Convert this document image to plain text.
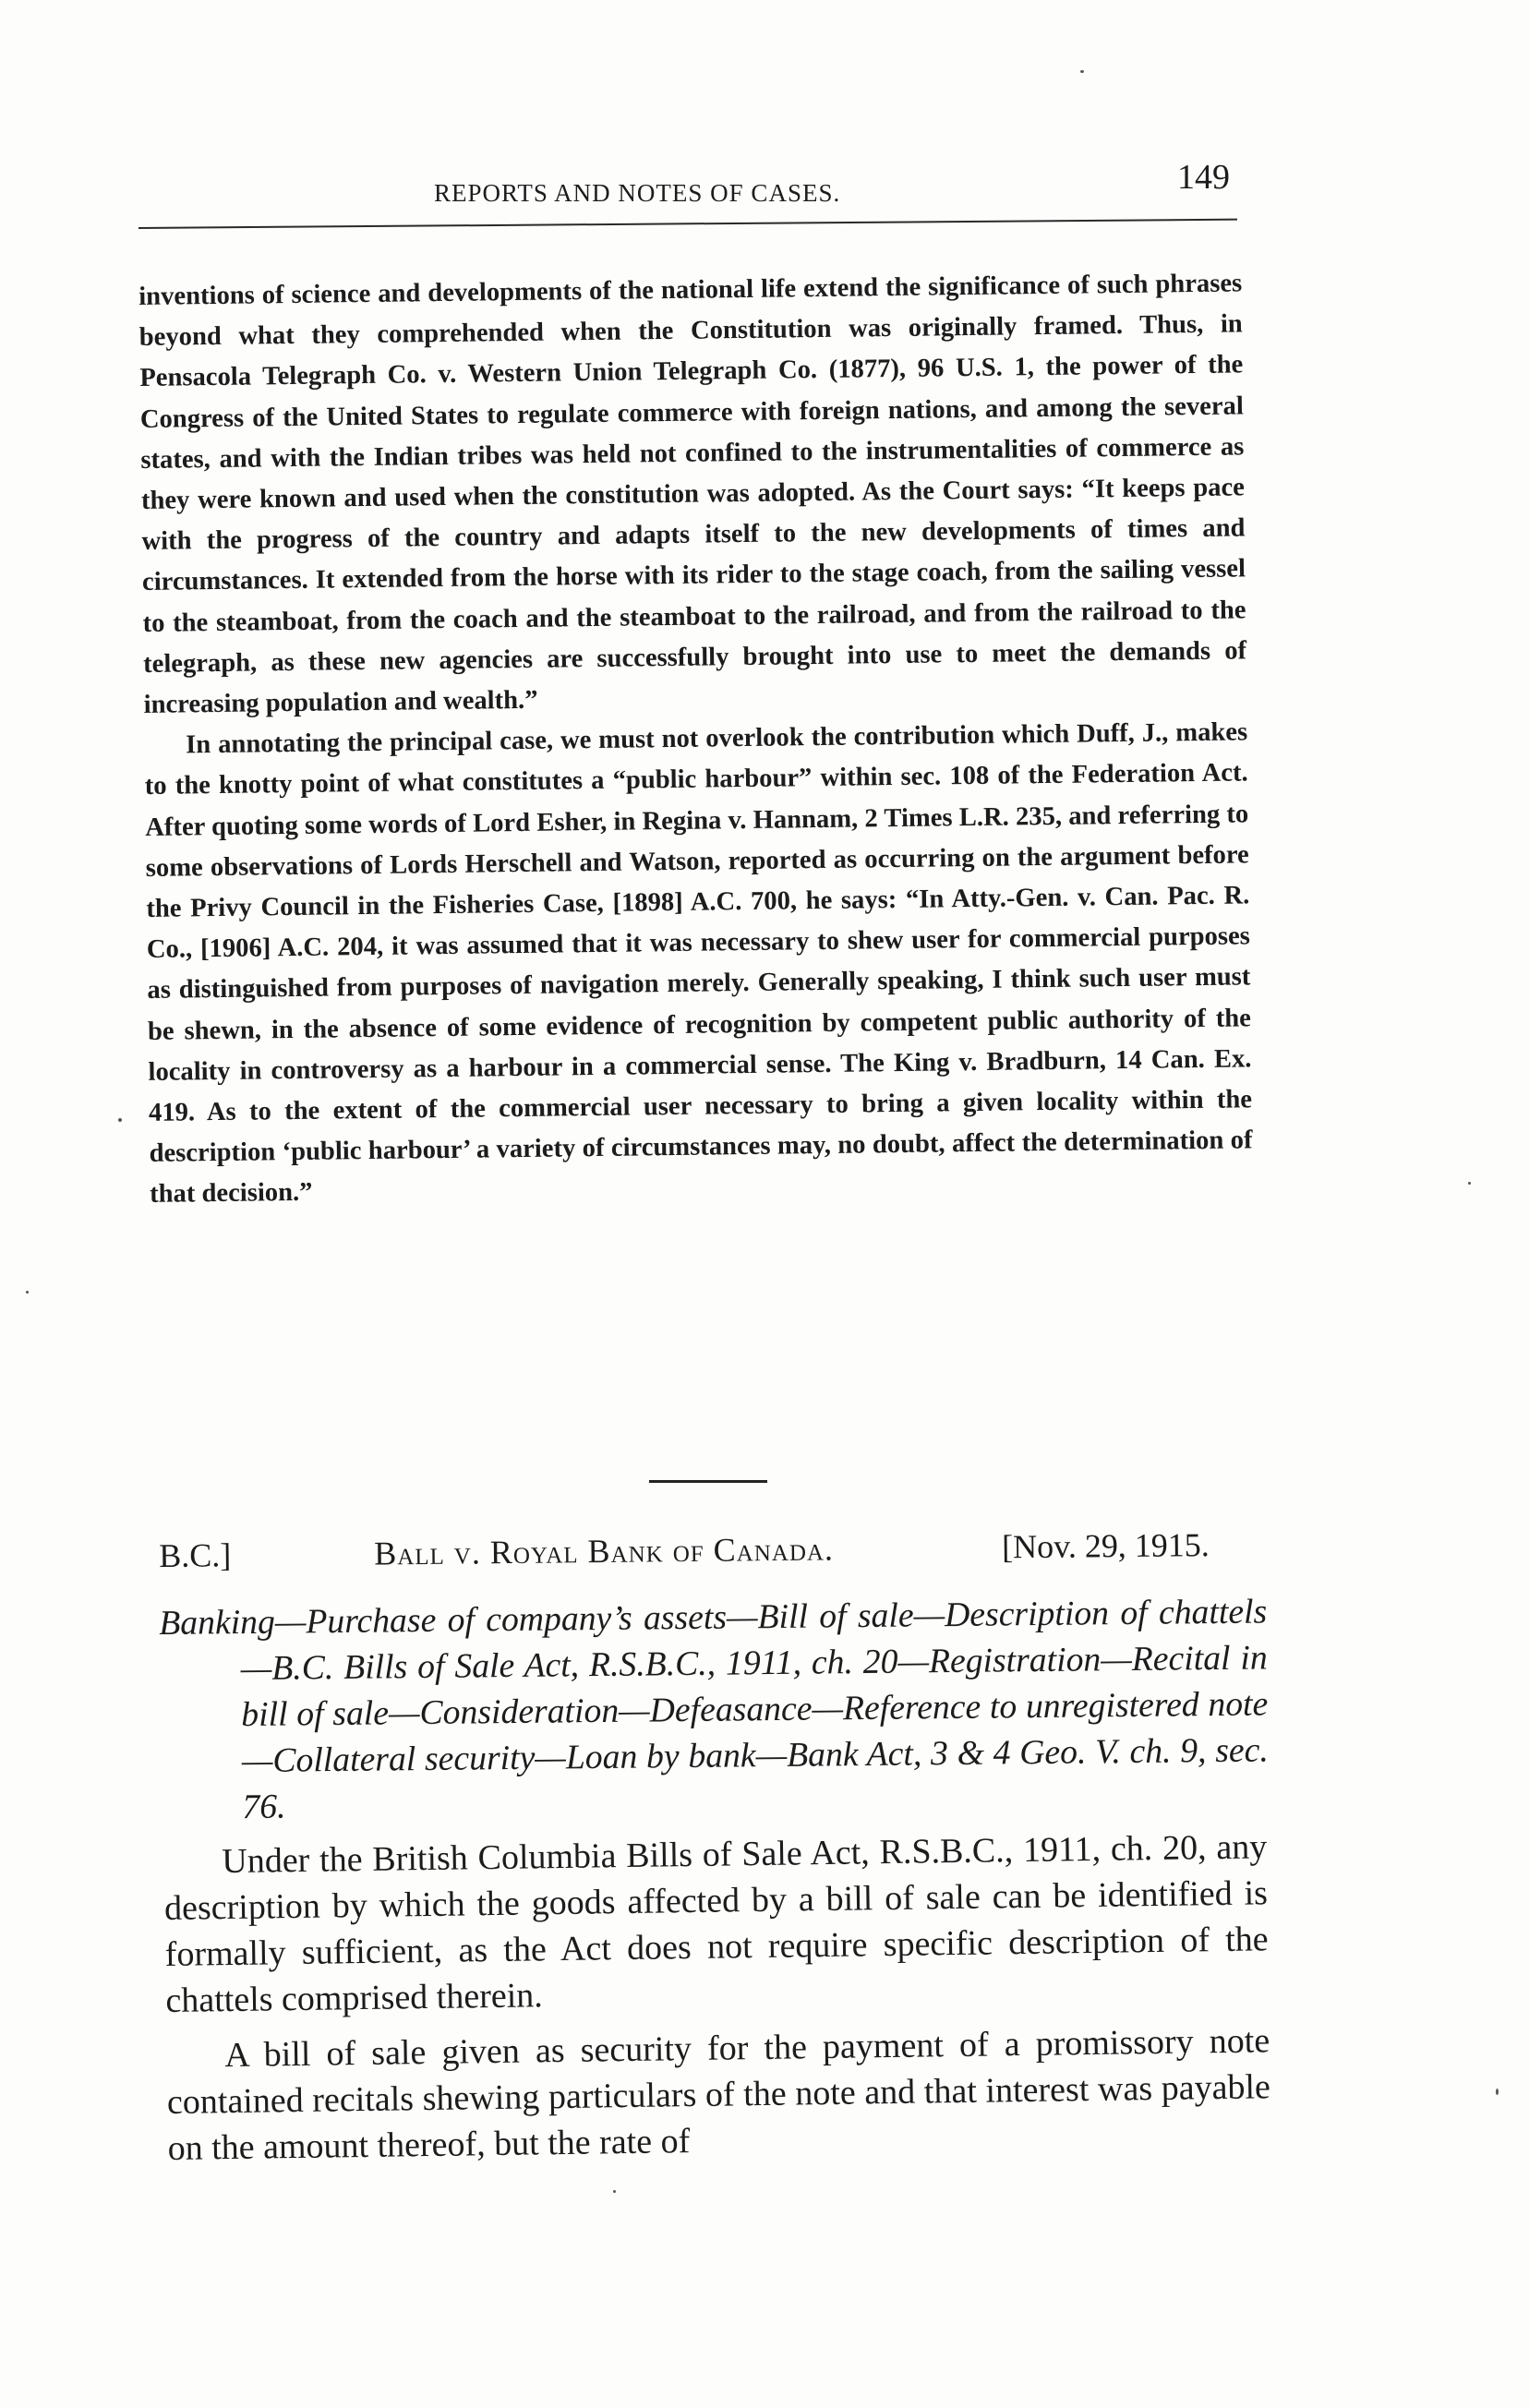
REPORTS AND NOTES OF CASES.	149

inventions of science and developments of the national life extend the significance of such phrases beyond what they comprehended when the Constitution was originally framed. Thus, in Pensacola Telegraph Co. v. Western Union Telegraph Co. (1877), 96 U.S. 1, the power of the Congress of the United States to regulate commerce with foreign nations, and among the several states, and with the Indian tribes was held not confined to the instrumentalities of commerce as they were known and used when the constitution was adopted. As the Court says: “It keeps pace with the progress of the country and adapts itself to the new developments of times and circumstances. It extended from the horse with its rider to the stage coach, from the sailing vessel to the steamboat, from the coach and the steamboat to the railroad, and from the railroad to the telegraph, as these new agencies are successfully brought into use to meet the demands of increasing population and wealth.”

In annotating the principal case, we must not overlook the contribution which Duff, J., makes to the knotty point of what constitutes a “public harbour” within sec. 108 of the Federation Act. After quoting some words of Lord Esher, in Regina v. Hannam, 2 Times L.R. 235, and referring to some observations of Lords Herschell and Watson, reported as occurring on the argument before the Privy Council in the Fisheries Case, [1898] A.C. 700, he says: “In Atty.-Gen. v. Can. Pac. R. Co., [1906] A.C. 204, it was assumed that it was necessary to shew user for commercial purposes as distinguished from purposes of navigation merely. Generally speaking, I think such user must be shewn, in the absence of some evidence of recognition by competent public authority of the locality in controversy as a harbour in a commercial sense. The King v. Bradburn, 14 Can. Ex. 419. As to the extent of the commercial user necessary to bring a given locality within the description ‘public harbour’ a variety of circumstances may, no doubt, affect the determination of that decision.”

B.C.]	Ball v. Royal Bank of Canada.	[Nov. 29, 1915.
Banking—Purchase of company’s assets—Bill of sale—Description of chattels—B.C. Bills of Sale Act, R.S.B.C., 1911, ch. 20—Registration—Recital in bill of sale—Consideration—Defeasance—Reference to unregistered note—Collateral security—Loan by bank—Bank Act, 3 & 4 Geo. V. ch. 9, sec. 76.

Under the British Columbia Bills of Sale Act, R.S.B.C., 1911, ch. 20, any description by which the goods affected by a bill of sale can be identified is formally sufficient, as the Act does not require specific description of the chattels comprised therein.

A bill of sale given as security for the payment of a promissory note contained recitals shewing particulars of the note and that interest was payable on the amount thereof, but the rate of
